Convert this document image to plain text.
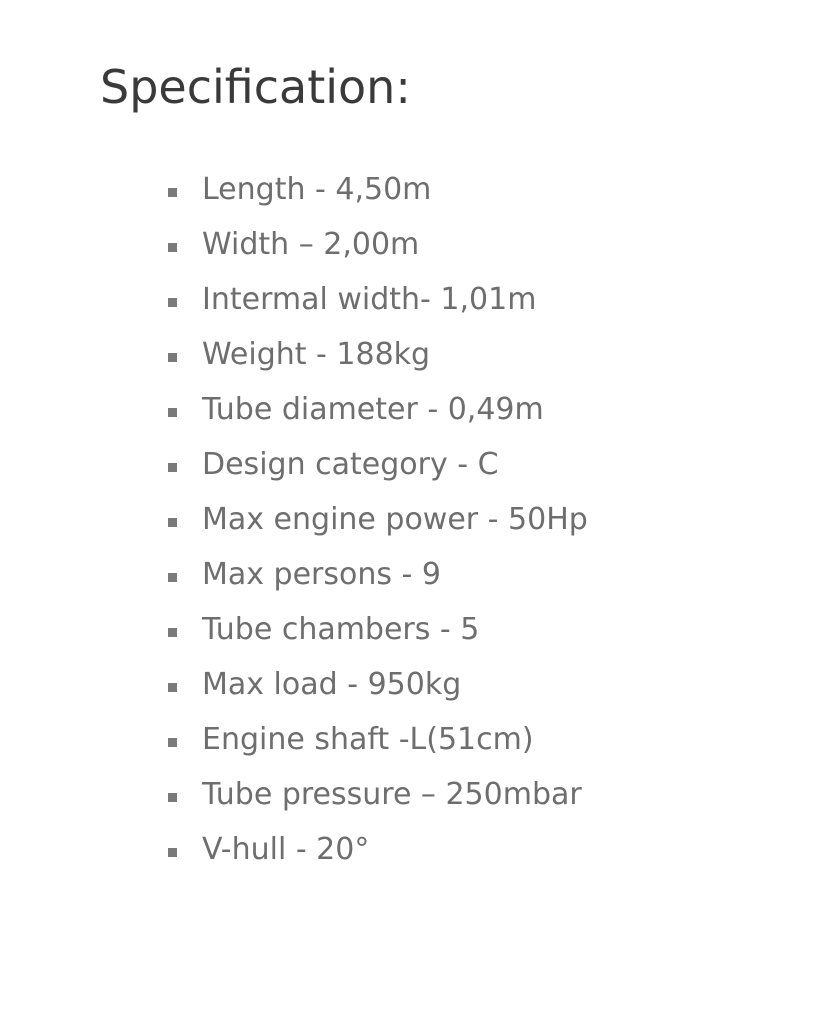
Specification:
Length - 4,50m
Width – 2,00m
Intermal width- 1,01m
Weight - 188kg
Tube diameter - 0,49m
Design category - C
Max engine power - 50Hp
Max persons - 9
Tube chambers - 5
Max load - 950kg
Engine shaft -L(51cm)
Tube pressure – 250mbar
V-hull - 20°
